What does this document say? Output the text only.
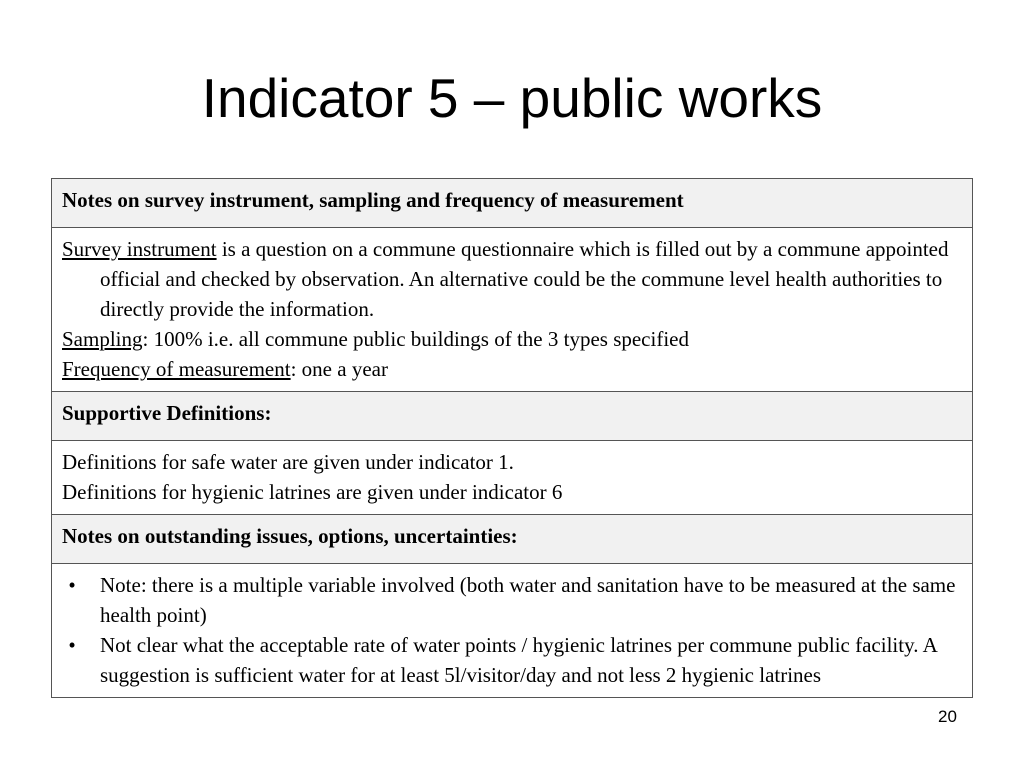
Indicator 5 – public works
Notes on survey instrument, sampling and frequency of measurement

Survey instrument is a question on a commune questionnaire which is filled out by a commune appointed official and checked by observation. An alternative could be the commune level health authorities to directly provide the information.

Sampling: 100% i.e. all commune public buildings of the 3 types specified

Frequency of measurement: one a year

Supportive Definitions:

Definitions for safe water are given under indicator 1.

Definitions for hygienic latrines are given under indicator 6

Notes on outstanding issues, options, uncertainties:

•	Note: there is a multiple variable involved (both water and sanitation have to be measured at the same health point)
•	Not clear what the acceptable rate of water points / hygienic latrines per commune public facility. A suggestion is sufficient water for at least 5l/visitor/day and not less 2 hygienic latrines
20
